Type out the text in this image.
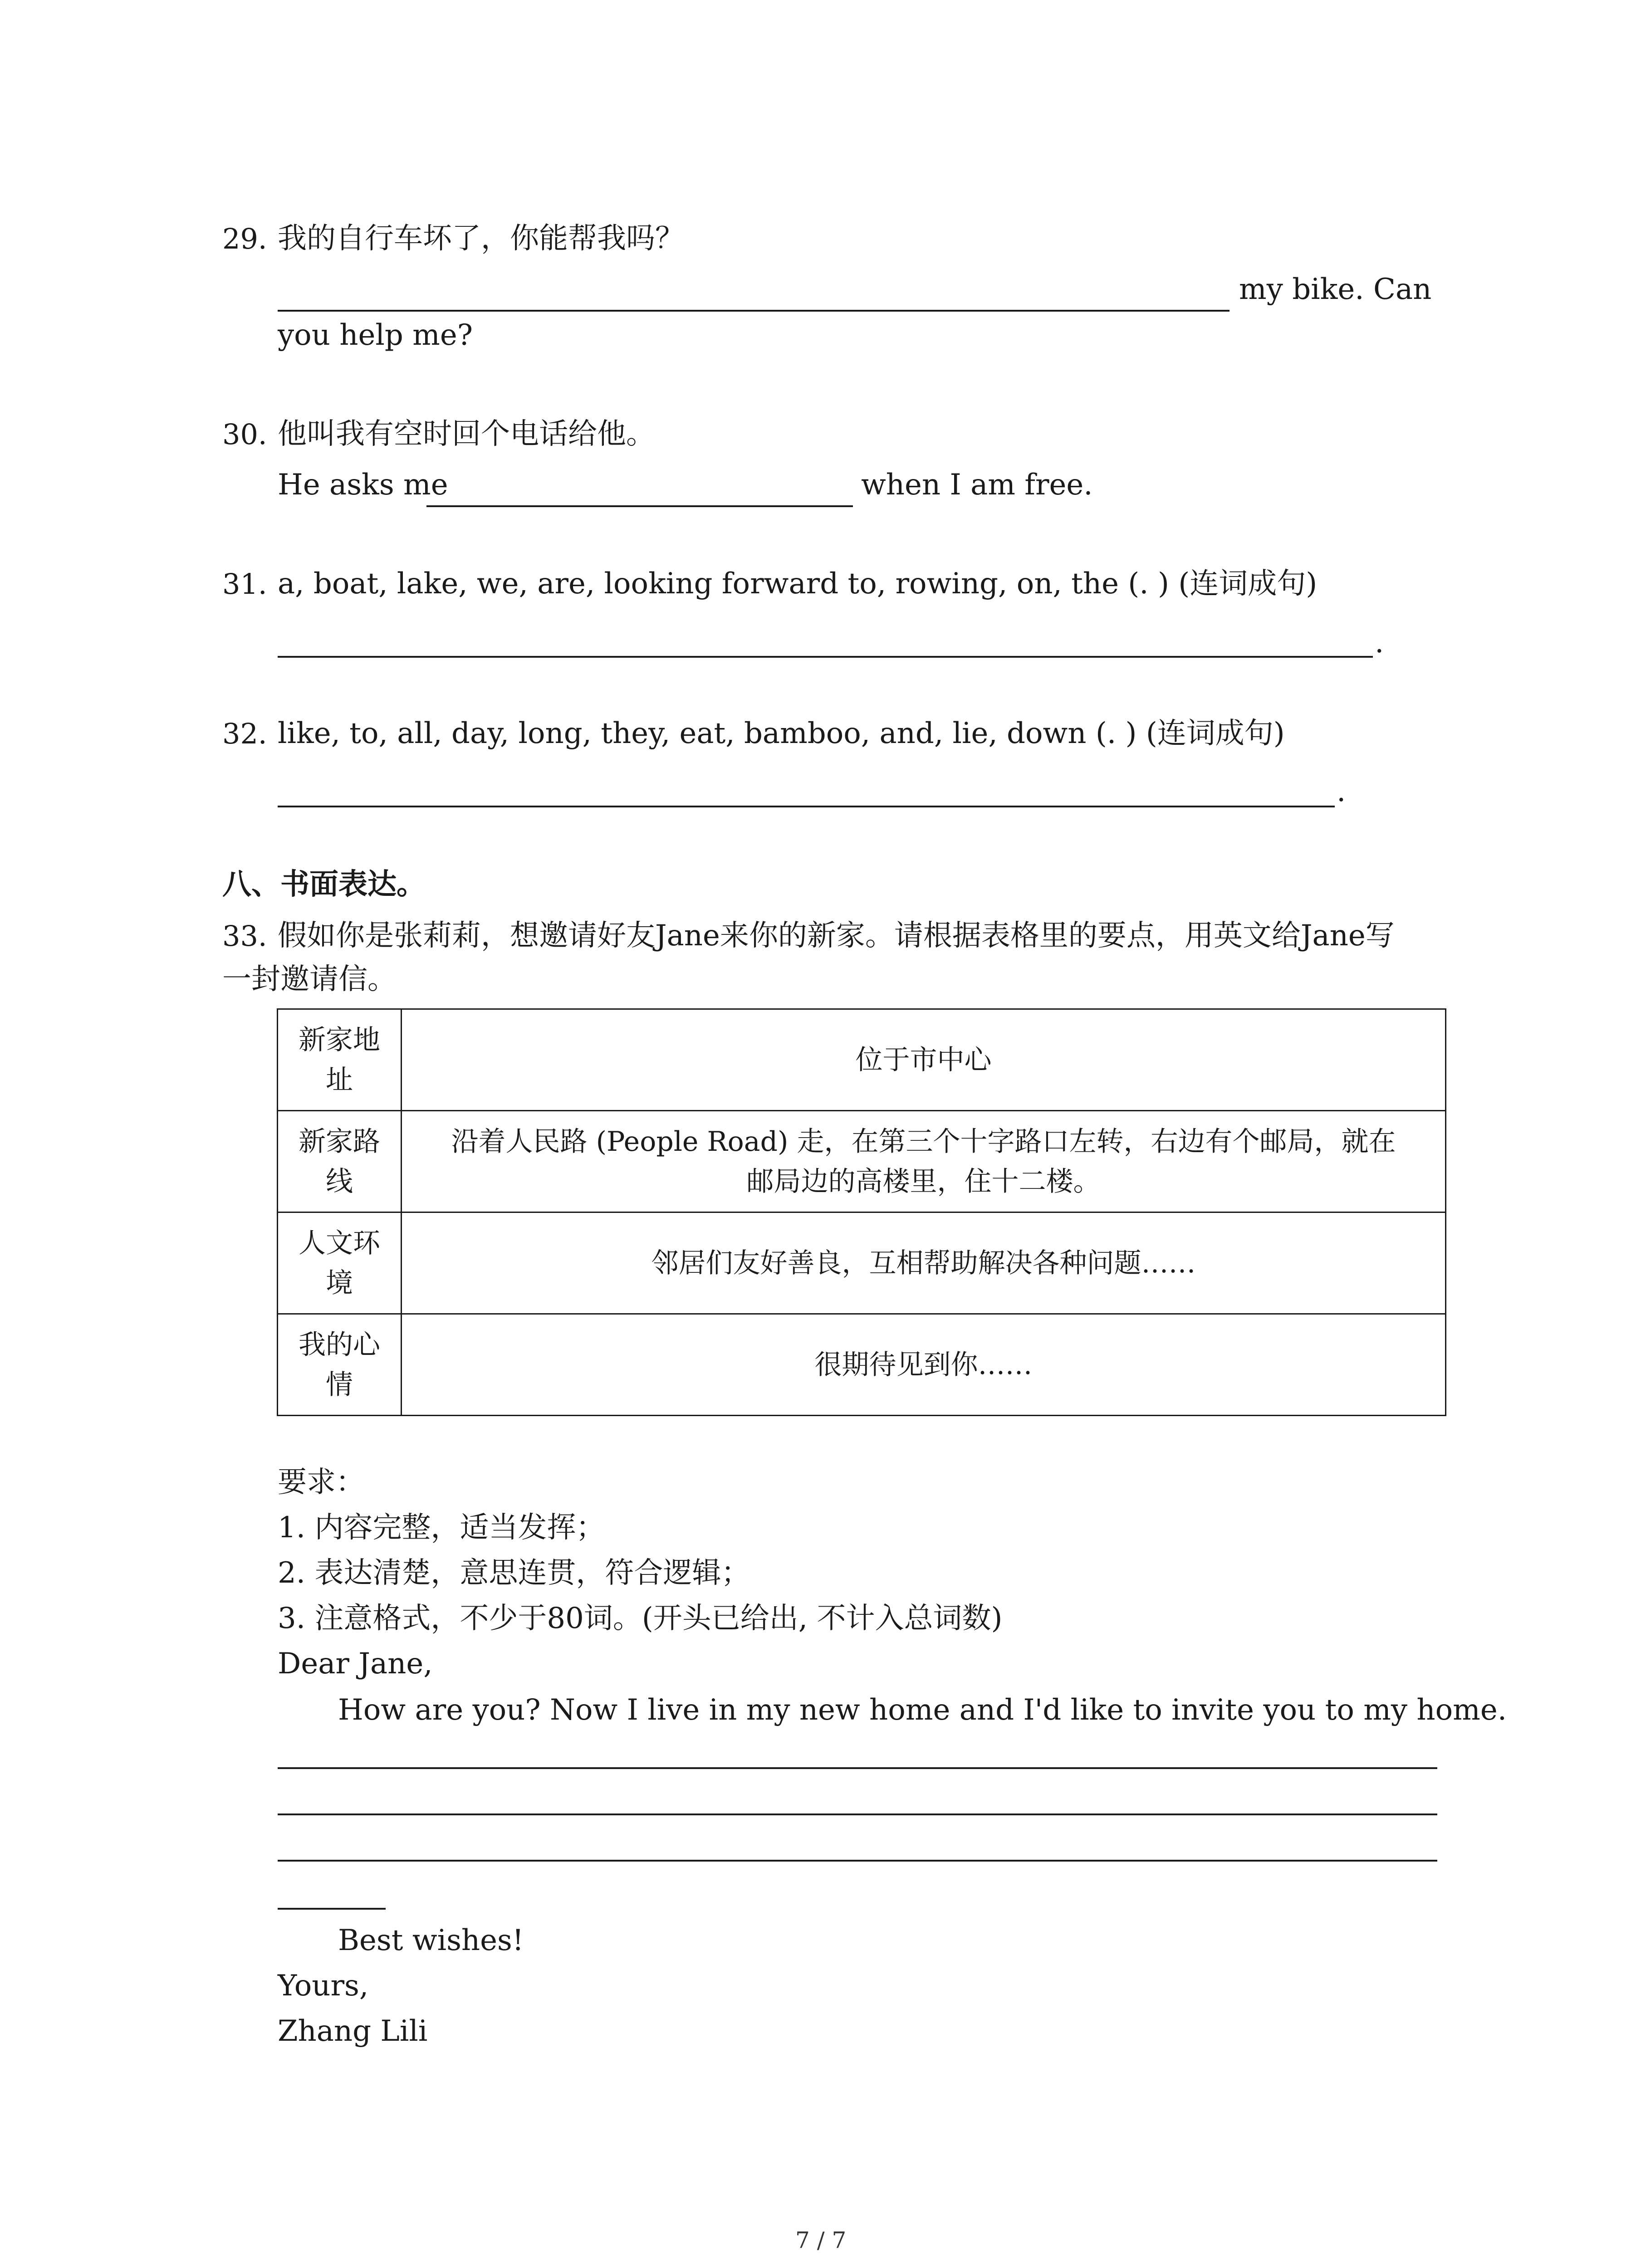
29. 我的自行车坏了，你能帮我吗？
my bike. Can
you help me?
30. 他叫我有空时回个电话给他。
He asks me	when I am free.
31. a, boat, lake, we, are, looking forward to, rowing, on, the (. ) (连词成句)
.
32. like, to, all, day, long, they, eat, bamboo, and, lie, down (. ) (连词成句)
.
八、书面表达。
33. 假如你是张莉莉，想邀请好友Jane来你的新家。请根据表格里的要点，用英文给Jane写
一封邀请信。
新家地
址	位于市中心

新家路
线	沿着人民路 (People Road) 走，在第三个十字路口左转，右边有个邮局，就在
邮局边的高楼里，住十二楼。

人文环
境	邻居们友好善良，互相帮助解决各种问题……

我的心
情	很期待见到你……
要求：
1. 内容完整，适当发挥；
2. 表达清楚，意思连贯，符合逻辑；
3. 注意格式，不少于80词。(开头已给出, 不计入总词数)
Dear Jane,
How are you? Now I live in my new home and I'd like to invite you to my home.
Best wishes!
Yours,
Zhang Lili
7 / 7
